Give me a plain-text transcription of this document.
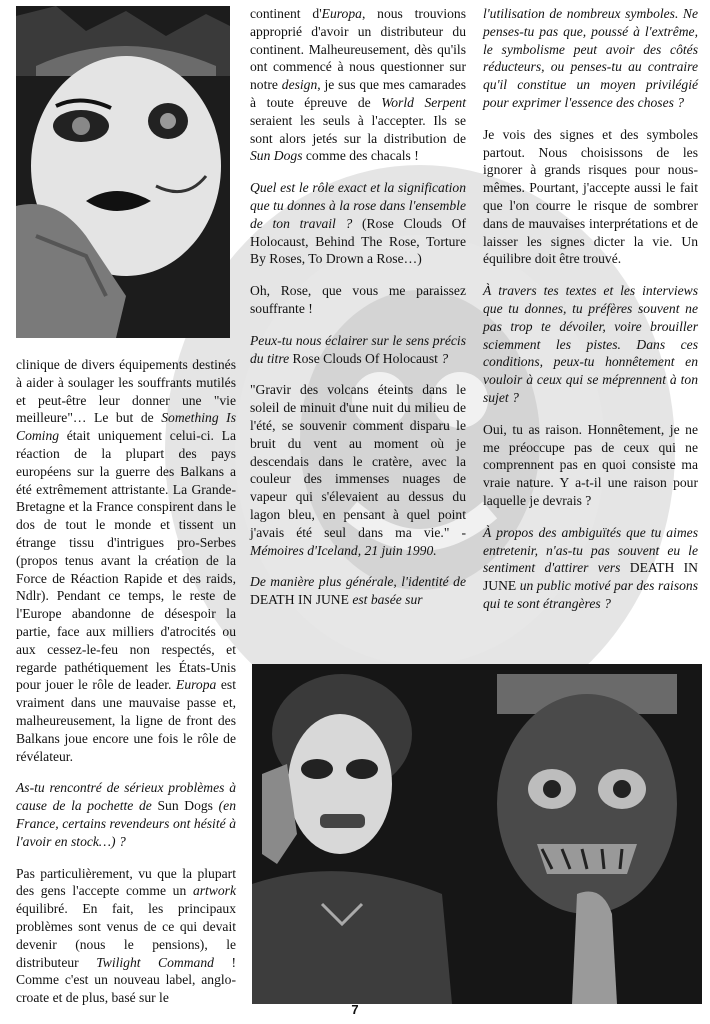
clinique de divers équipements destinés à aider à soulager les souffrants mutilés et peut-être leur donner une "vie meilleure"… Le but de Something Is Coming était uniquement celui-ci. La réaction de la plupart des pays européens sur la guerre des Balkans a été extrêmement attristante. La Grande-Bretagne et la France conspirent dans le dos de tout le monde et tissent un étrange tissu d'intrigues pro-Serbes (propos tenus avant la création de la Force de Réaction Rapide et des raids, Ndlr). Pendant ce temps, le reste de l'Europe abandonne de désespoir la partie, face aux milliers d'atrocités ou aux cessez-le-feu non respectés, et regarde pathétiquement les États-Unis pour jouer le rôle de leader. Europa est vraiment dans une mauvaise passe et, malheureusement, la ligne de front des Balkans joue encore une fois le rôle de révélateur.

As-tu rencontré de sérieux problèmes à cause de la pochette de Sun Dogs (en France, certains revendeurs ont hésité à l'avoir en stock…) ?

Pas particulièrement, vu que la plupart des gens l'accepte comme un artwork équilibré. En fait, les principaux problèmes sont venus de ce qui devait devenir (nous le pensions), le distributeur Twilight Command ! Comme c'est un nouveau label, anglo-croate et de plus, basé sur le

continent d'Europa, nous trouvions approprié d'avoir un distributeur du continent. Malheureusement, dès qu'ils ont commencé à nous questionner sur notre design, je sus que mes camarades à toute épreuve de World Serpent seraient les seuls à l'accepter. Ils se sont alors jetés sur la distribution de Sun Dogs comme des chacals !

Quel est le rôle exact et la signification que tu donnes à la rose dans l'ensemble de ton travail ? (Rose Clouds Of Holocaust, Behind The Rose, Torture By Roses, To Drown a Rose…)

Oh, Rose, que vous me paraissez souffrante !

Peux-tu nous éclairer sur le sens précis du titre Rose Clouds Of Holocaust ?

"Gravir des volcans éteints dans le soleil de minuit d'une nuit du milieu de l'été, se souvenir comment disparu le bruit du vent au moment où je descendais dans le cratère, avec la couleur des immenses nuages de vapeur qui s'élevaient au dessus du lagon bleu, en pensant à quel point j'avais été seul dans ma vie." - Mémoires d'Iceland, 21 juin 1990.

De manière plus générale, l'identité de DEATH IN JUNE est basée sur

l'utilisation de nombreux symboles. Ne penses-tu pas que, poussé à l'extrême, le symbolisme peut avoir des côtés réducteurs, ou penses-tu au contraire qu'il constitue un moyen privilégié pour exprimer l'essence des choses ?

Je vois des signes et des symboles partout. Nous choisissons de les ignorer à grands risques pour nous-mêmes. Pourtant, j'accepte aussi le fait que l'on courre le risque de sombrer dans de mauvaises interprétations et de laisser les signes dicter la vie. Un équilibre doit être trouvé.

À travers tes textes et les interviews que tu donnes, tu préfères souvent ne pas trop te dévoiler, voire brouiller sciemment les pistes. Dans ces conditions, peux-tu honnêtement en vouloir à ceux qui se méprennent à ton sujet ?

Oui, tu as raison. Honnêtement, je ne me préoccupe pas de ceux qui ne comprennent pas en quoi consiste ma vraie nature. Y a-t-il une raison pour laquelle je devrais ?

À propos des ambiguïtés que tu aimes entretenir, n'as-tu pas souvent eu le sentiment d'attirer vers DEATH IN JUNE un public motivé par des raisons qui te sont étrangères ?

7
